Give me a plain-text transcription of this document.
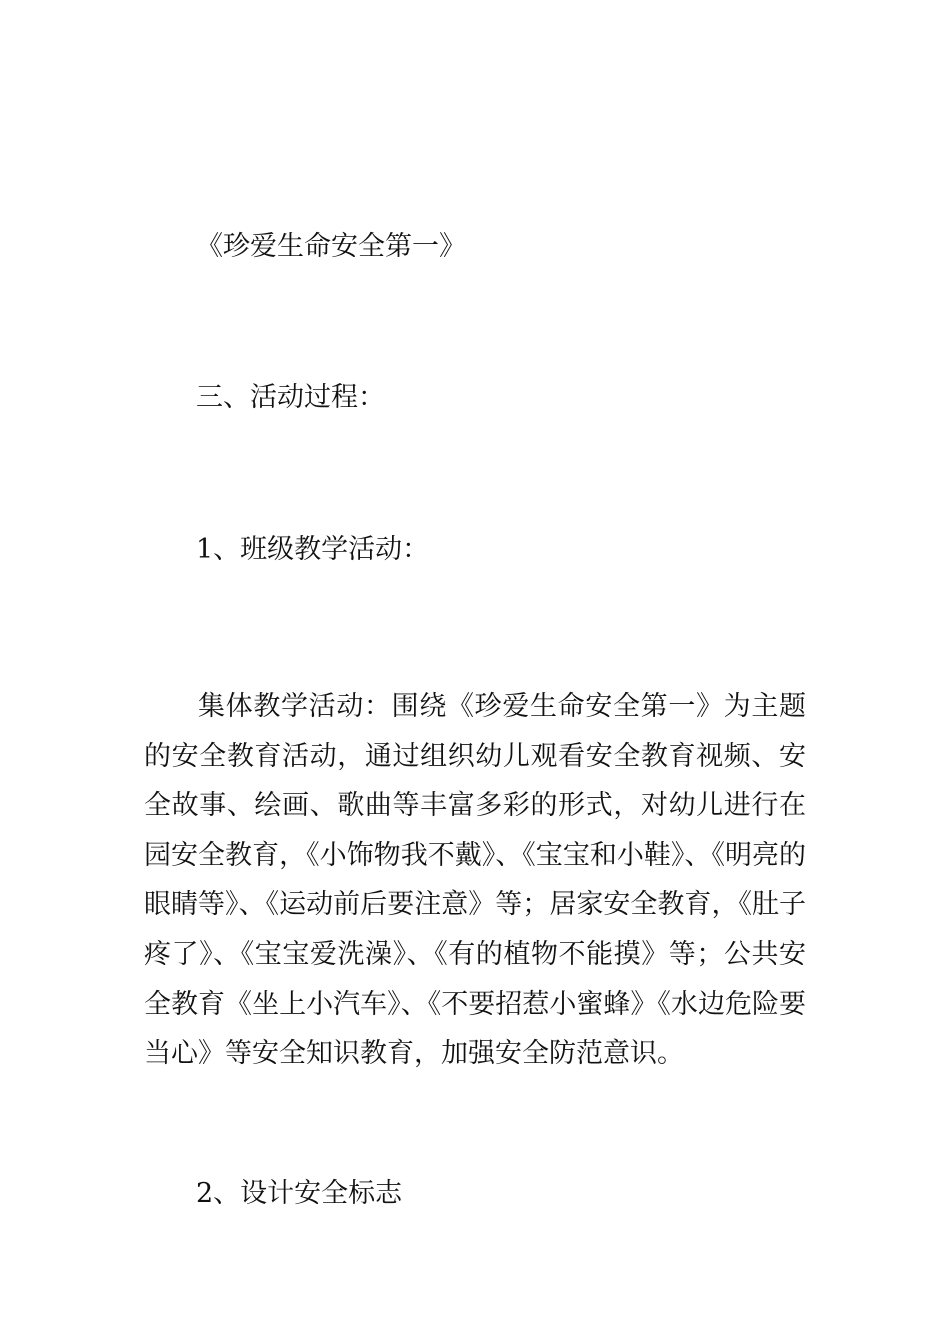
《珍爱生命安全第一》
三、活动过程：
1、班级教学活动：

集体教学活动：围绕《珍爱生命安全第一》为主题的安全教育活动，通过组织幼儿观看安全教育视频、安全故事、绘画、歌曲等丰富多彩的形式，对幼儿进行在园安全教育，《小饰物我不戴》、《宝宝和小鞋》、《明亮的眼睛等》、《运动前后要注意》等；居家安全教育，《肚子疼了》、《宝宝爱洗澡》、《有的植物不能摸》等；公共安全教育《坐上小汽车》、《不要招惹小蜜蜂》《水边危险要当心》等安全知识教育，加强安全防范意识。

2、设计安全标志
